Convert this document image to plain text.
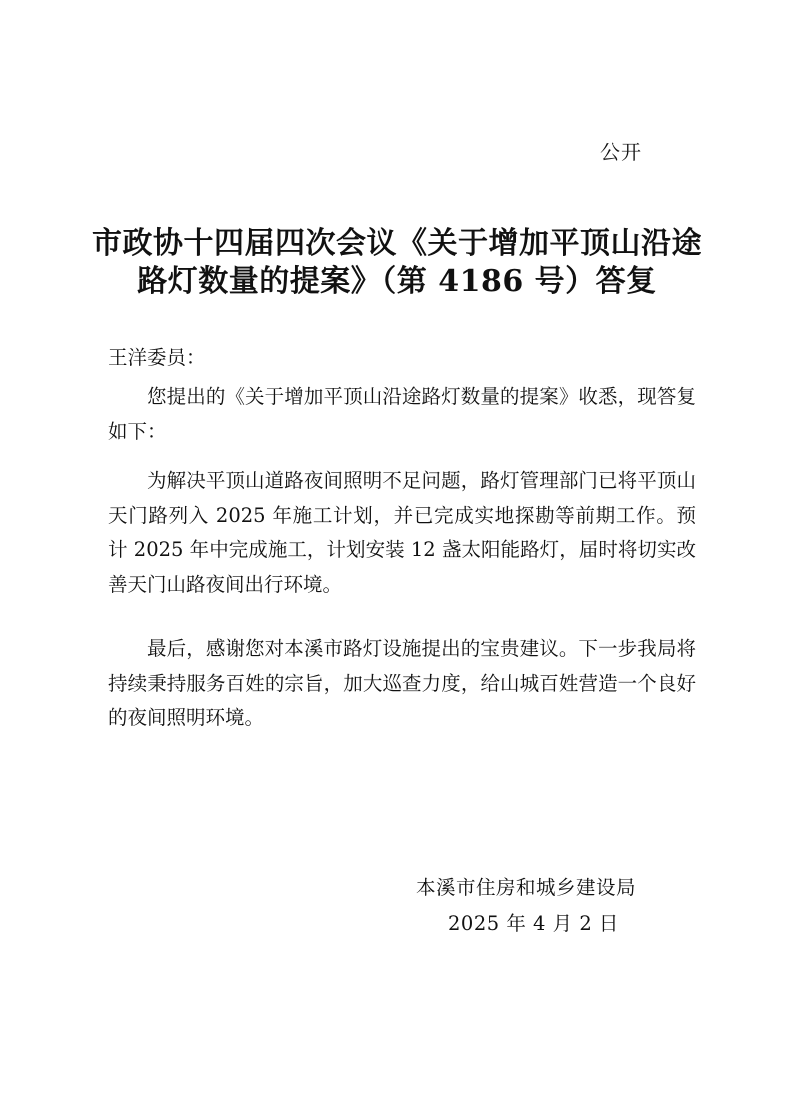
公开
市政协十四届四次会议《关于增加平顶山沿途
路灯数量的提案》（第 4186 号）答复
王洋委员：
您提出的《关于增加平顶山沿途路灯数量的提案》收悉，现答复如下：
为解决平顶山道路夜间照明不足问题，路灯管理部门已将平顶山天门路列入 2025 年施工计划，并已完成实地探勘等前期工作。预计 2025 年中完成施工，计划安装 12 盏太阳能路灯，届时将切实改善天门山路夜间出行环境。
最后，感谢您对本溪市路灯设施提出的宝贵建议。下一步我局将持续秉持服务百姓的宗旨，加大巡查力度，给山城百姓营造一个良好的夜间照明环境。
本溪市住房和城乡建设局
2025 年 4 月 2 日
